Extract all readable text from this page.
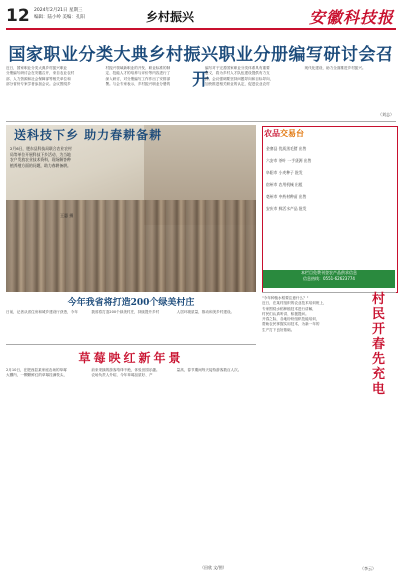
12 2024年2月21日 星期三
编辑：陆小岭 美编：孔阳	乡村振兴	安徽科技报
国家职业分类大典乡村振兴职业分册编写研讨会召开
近日，国家职业分类大典乡村振兴职业
分册编写研讨会在安徽召开，来自农业农村
部、人力资源和社会保障部等相关单位和
部分省份专家学者参加会议。会议围绕乡
村振兴领域新职业的开发、职业标准的制
定、技能人才的培养与评价等内容进行了
深入研讨，对分册编写工作作出了安排部
署。与会专家表示，乡村振兴职业分册的
编写对于完善国家职业分类体系具有重要
意义，将为乡村人才队伍建设提供有力支
撑。会议强调要坚持问题导向和目标导向，
加快推进相关职业的认定，促进农业农村
现代化建设，助力全面推进乡村振兴。
（刘志）
送科技下乡 助力春耕备耕
2月6日，肥东县科技局联合农业农村局等单位开展科技下乡活动，为当地农户发放农业技术资料，现场解答种植养殖方面的问题，助力春耕备耕。
王惠 摄
农品交易台
金寨县 优质黑毛猪 出售
六安市 茶叶 一手货源 出售
阜阳市 小麦种子 批发
宿州市 农用机械 出租
亳州市 中药材种苗 出售
安庆市 鲜活水产品 批发
本栏目免费刊登农产品供求信息
信息热线：0551-62623774
今年我省将打造200个绿美村庄
日前，记者从省住房和城乡建设厅获悉，今年	我省将打造200个绿美村庄，持续提升乡村	人居环境质量，推动和美乡村建设。
草莓映红新年景
2月10日，在肥西县某家庭农场的草莓
大棚内，一颗颗鲜红的草莓挂满枝头，
前来采摘的游客络绎不绝，体验田园乐趣。
农场负责人介绍，今年草莓品质好、产
量高，春节期间每天接待游客数百人次。
（田欣 文/图）
村民开春先充电
"今年种植水稻要注意什么？"
近日，在某村组织的农业技术培训班上，
专家围绕水稻种植技术进行讲解，
村民们认真听讲、积极提问。
开春之际，各地纷纷组织技能培训，
帮助农民掌握实用技术，为新一年的
生产打下良好基础。
（李云）
